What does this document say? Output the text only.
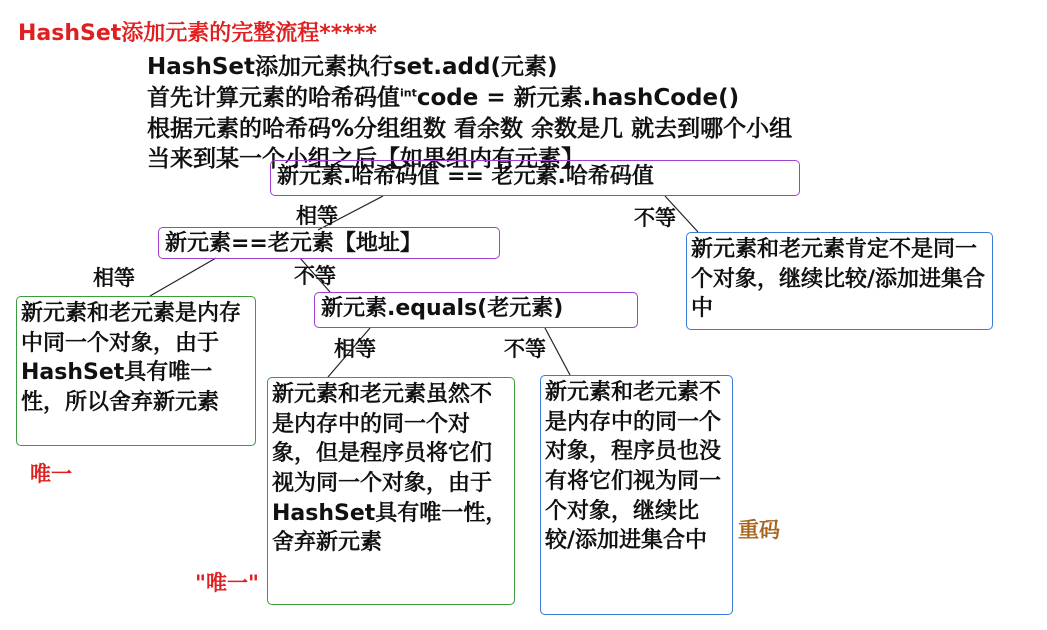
HashSet添加元素的完整流程*****
HashSet添加元素执行set.add(元素)
首先计算元素的哈希码值$^{int}$code = 新元素.hashCode()
根据元素的哈希码%分组组数 看余数 余数是几 就去到哪个小组
当来到某一个小组之后【如果组内有元素】
新元素.哈希码值 == 老元素.哈希码值
相等	不等
新元素==老元素【地址】	新元素和老元素肯定不是同一个对象，继续比较/添加进集合中
相等	不等
新元素和老元素是内存中同一个对象，由于HashSet具有唯一性，所以舍弃新元素
新元素.equals(老元素)
相等	不等
新元素和老元素虽然不是内存中的同一个对象，但是程序员将它们视为同一个对象，由于HashSet具有唯一性，舍弃新元素
新元素和老元素不是内存中的同一个对象，程序员也没有将它们视为同一个对象，继续比较/添加进集合中
唯一
"唯一"
重码
